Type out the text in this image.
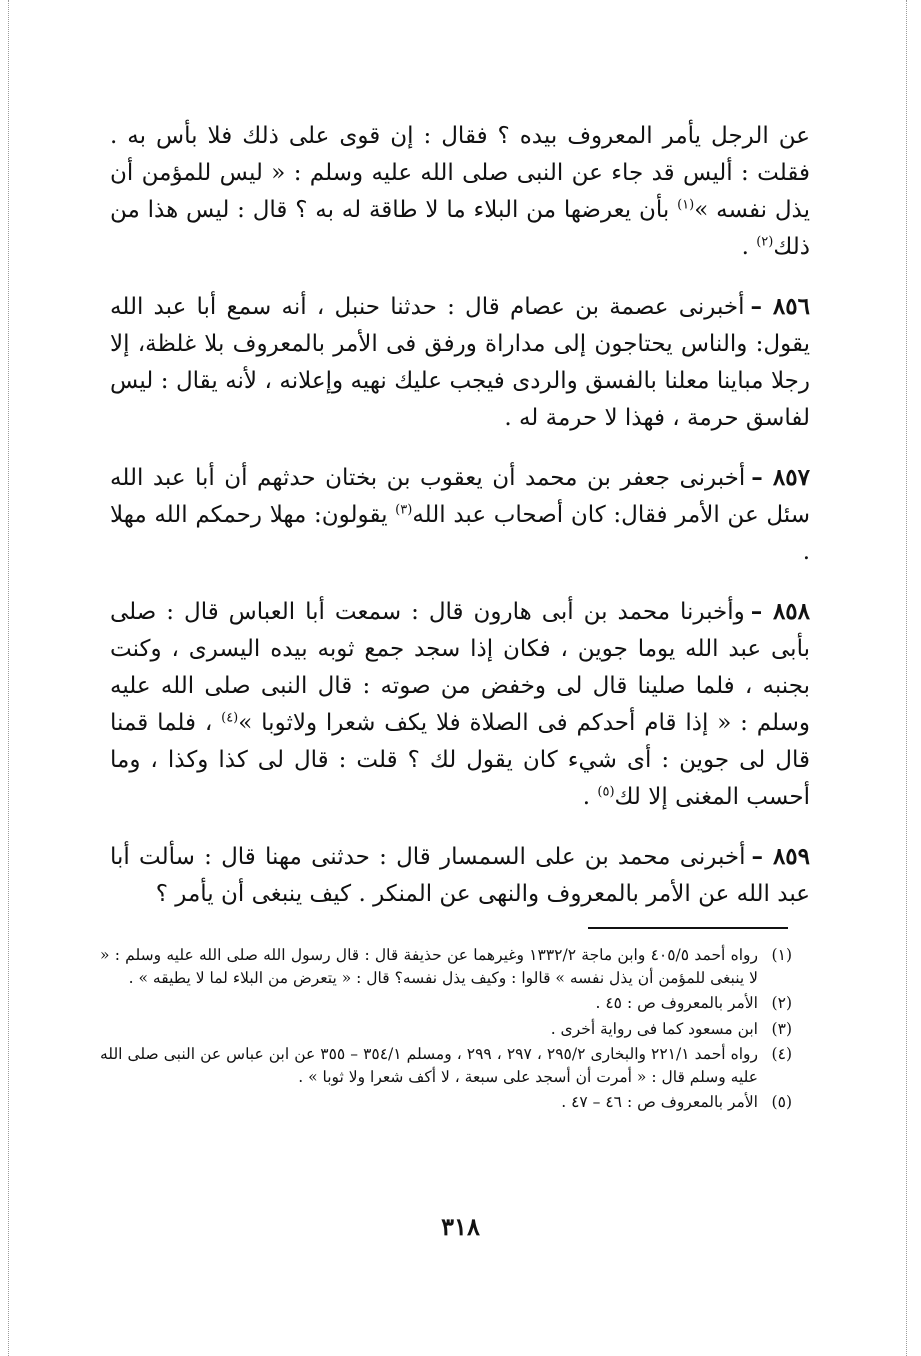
عن الرجل يأمر المعروف بيده ؟ فقال : إن قوى على ذلك فلا بأس به . فقلت : أليس قد جاء عن النبى صلى الله عليه وسلم : « ليس للمؤمن أن يذل نفسه »$^{(١)}$ بأن يعرضها من البلاء ما لا طاقة له به ؟ قال : ليس هذا من ذلك$^{(٢)}$ .

٨٥٦ –أخبرنى عصمة بن عصام قال : حدثنا حنبل ، أنه سمع أبا عبد الله يقول: والناس يحتاجون إلى مداراة ورفق فى الأمر بالمعروف بلا غلظة، إلا رجلا مباينا معلنا بالفسق والردى فيجب عليك نهيه وإعلانه ، لأنه يقال : ليس لفاسق حرمة ، فهذا لا حرمة له .

٨٥٧ –أخبرنى جعفر بن محمد أن يعقوب بن بختان حدثهم أن أبا عبد الله سئل عن الأمر فقال: كان أصحاب عبد الله$^{(٣)}$ يقولون: مهلا رحمكم الله مهلا .

٨٥٨ –وأخبرنا محمد بن أبى هارون قال : سمعت أبا العباس قال : صلى بأبى عبد الله يوما جوين ، فكان إذا سجد جمع ثوبه بيده اليسرى ، وكنت بجنبه ، فلما صلينا قال لى وخفض من صوته : قال النبى صلى الله عليه وسلم : « إذا قام أحدكم فى الصلاة فلا يكف شعرا ولاثوبا »$^{(٤)}$ ، فلما قمنا قال لى جوين : أى شيء كان يقول لك ؟ قلت : قال لى كذا وكذا ، وما أحسب المغنى إلا لك$^{(٥)}$ .

٨٥٩ –أخبرنى محمد بن على السمسار قال : حدثنى مهنا قال : سألت أبا عبد الله عن الأمر بالمعروف والنهى عن المنكر . كيف ينبغى أن يأمر ؟

(١)
رواه أحمد ٤٠٥/٥ وابن ماجة ١٣٣٢/٢ وغيرهما عن حذيفة قال : قال رسول الله صلى الله عليه وسلم : « لا ينبغى للمؤمن أن يذل نفسه » قالوا : وكيف يذل نفسه؟ قال : « يتعرض من البلاء لما لا يطيقه » .

(٢)
الأمر بالمعروف ص : ٤٥ .

(٣)
ابن مسعود كما فى رواية أخرى .

(٤)
رواه أحمد ٢٢١/١ والبخارى ٢٩٥/٢ ، ٢٩٧ ، ٢٩٩ ، ومسلم ٣٥٤/١ – ٣٥٥ عن ابن عباس عن النبى صلى الله عليه وسلم قال : « أمرت أن أسجد على سبعة ، لا أكف شعرا ولا ثوبا » .

(٥)
الأمر بالمعروف ص : ٤٦ – ٤٧ .

٣١٨
